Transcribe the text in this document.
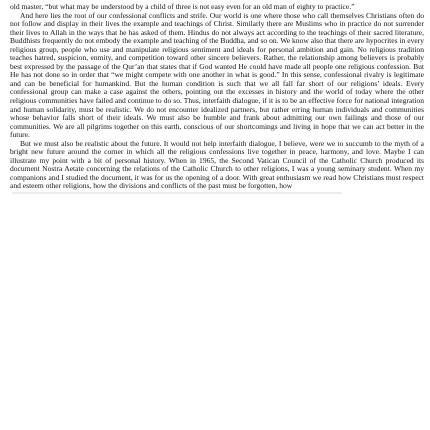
old master, “but what may be understood by a child of three is not easy even for an old man of eighty to practice.”

And here lies the root of our confessional conflicts and strife. Our world is one where those who call themselves Christians often do not follow and display in their lives the example and teachings of Christ. Similarly there are Muslims who in practice do not surrender their lives to Allah in the ways that he has asked of them. Hindus do not always act according to the teachings of their sacred literature, Buddhists frequently do not embody the example and teaching of the Buddha, and so on. We know also that there are hypocrites in every religious group, people who use and manipulate religious sentiment and ideals for personal ambition and gain. No religious tradition teaches hatred, suspicion, enmity, and competition toward other sincere believers. Rather, the relationship among believers is probably best expressed by the passage of the Qur’an that states that if God wanted He could have made all people one religious confession. But He has not done so in order that “we might compete with one another in what is good.” In this sense, confessional rivalry is legitimate and can be beneficial for humankind. But the human condition is such that we all fall far short of our religions’ ideals. Every confessional group can make a case against the others, pointing out the excesses in history and the world of today where the other religious communities have failed and continue to do so. Thus, interfaith dialogue, if it is to be an effective force for national integration and human solidarity, must be realistic. We do not encounter idealized partners, but rather erring human individuals and communities whose behavior falls short of their ideals. We must also be humble and frank about admitting our own failings and those of our communities. We are all pilgrims together on this earth, conscious of our shortcomings and living in hope that we can act better in the future.

But we must also be realistic about the future. It would not help interfaith dialogue, I believe, were we to succumb to the myth of a bright new future around the corner in which all the religious confessions live together in peace, harmony, and love. Maybe I can illustrate my point with a bit of personal history. When in 1965, the Second Vatican Council of the Catholic Church produced its document Nostra Aetate concerning the relations of the Catholic Church to other religions, I was a young seminary student. When my companions and I studied the document, it was for us the opening of a door. With great enthusiasm we read how Christians must respect and esteem other religions, how the divisions and conflicts of the past must be forgotten, how
